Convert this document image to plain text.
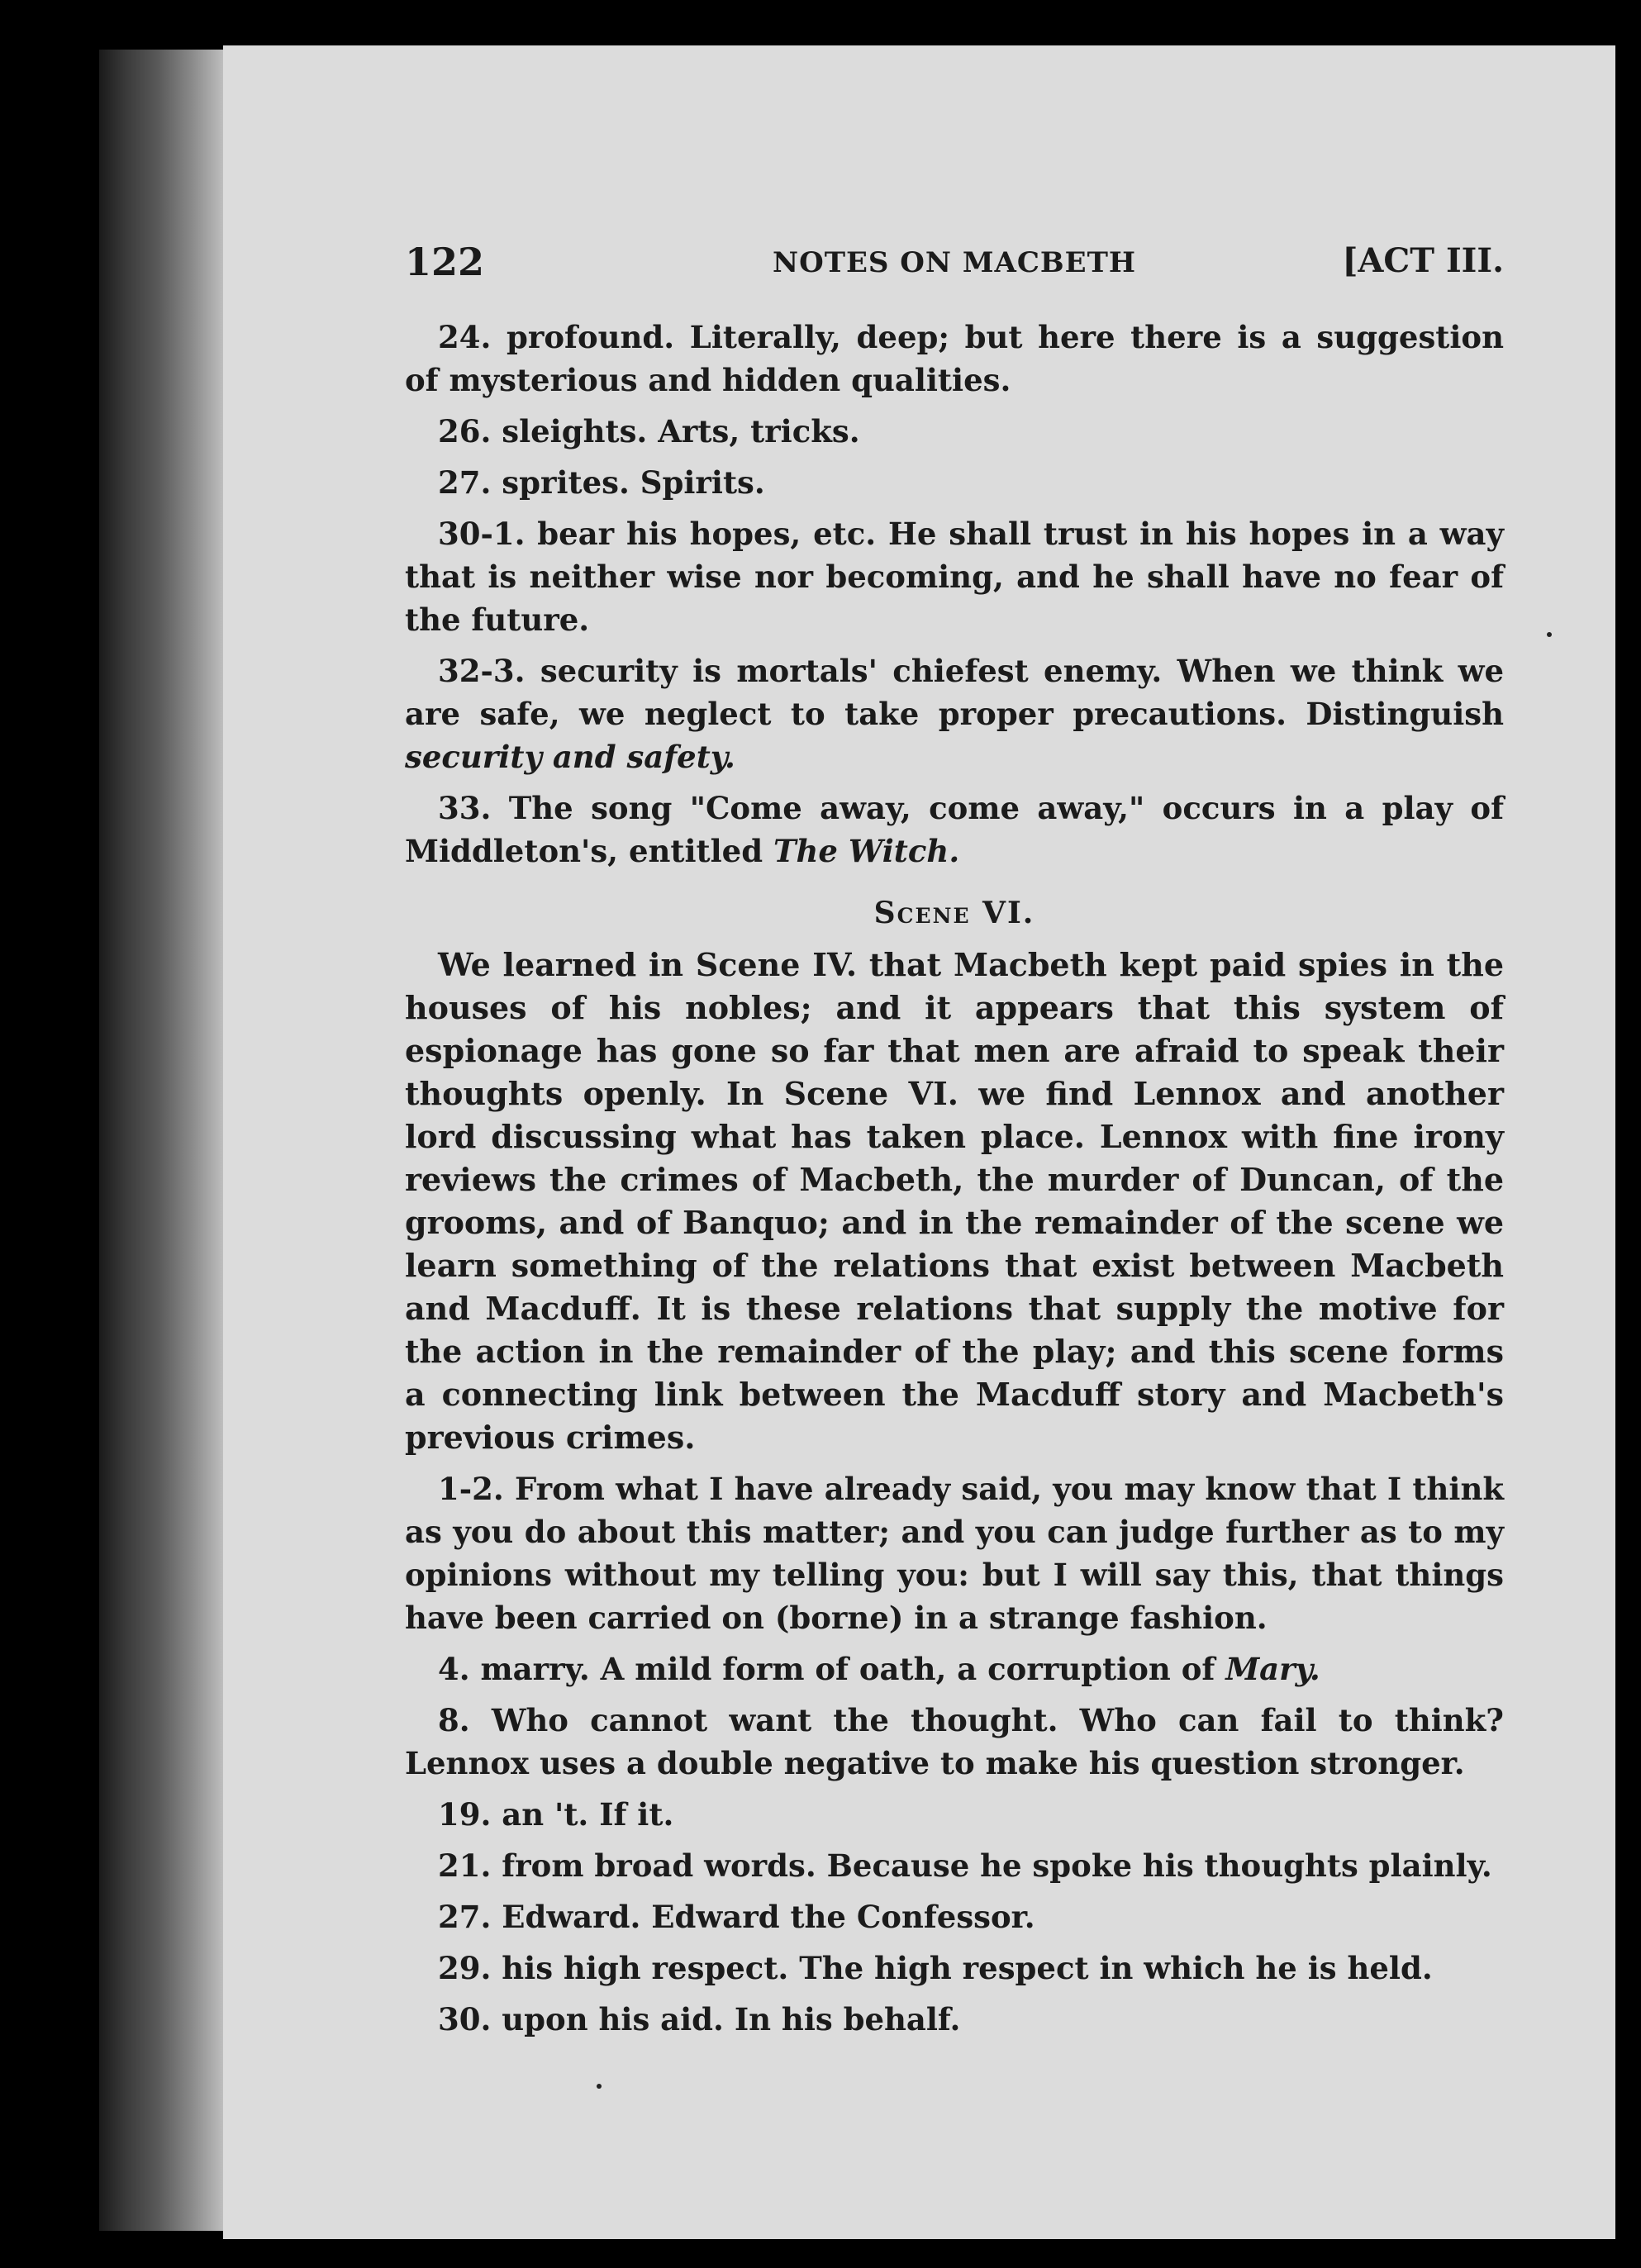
122	NOTES ON MACBETH	[ACT III.

24. profound. Literally, deep; but here there is a suggestion of mysterious and hidden qualities.

26. sleights. Arts, tricks.

27. sprites. Spirits.

30-1. bear his hopes, etc. He shall trust in his hopes in a way that is neither wise nor becoming, and he shall have no fear of the future.

32-3. security is mortals' chiefest enemy. When we think we are safe, we neglect to take proper precautions. Distinguish security and safety.

33. The song "Come away, come away," occurs in a play of Middleton's, entitled The Witch.

Scene VI.

We learned in Scene IV. that Macbeth kept paid spies in the houses of his nobles; and it appears that this system of espionage has gone so far that men are afraid to speak their thoughts openly. In Scene VI. we find Lennox and another lord discussing what has taken place. Lennox with fine irony reviews the crimes of Macbeth, the murder of Duncan, of the grooms, and of Banquo; and in the remainder of the scene we learn something of the relations that exist between Macbeth and Macduff. It is these relations that supply the motive for the action in the remainder of the play; and this scene forms a connecting link between the Macduff story and Macbeth's previous crimes.

1-2. From what I have already said, you may know that I think as you do about this matter; and you can judge further as to my opinions without my telling you: but I will say this, that things have been carried on (borne) in a strange fashion.

4. marry. A mild form of oath, a corruption of Mary.

8. Who cannot want the thought. Who can fail to think? Lennox uses a double negative to make his question stronger.

19. an 't. If it.

21. from broad words. Because he spoke his thoughts plainly.

27. Edward. Edward the Confessor.

29. his high respect. The high respect in which he is held.

30. upon his aid. In his behalf.
